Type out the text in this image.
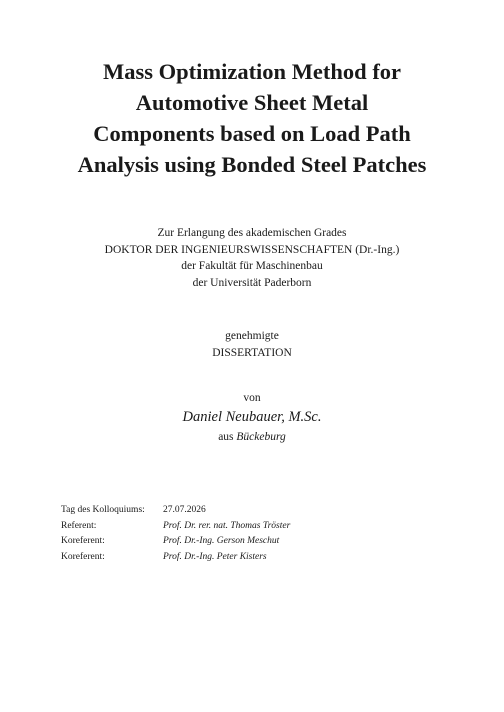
Mass Optimization Method for
Automotive Sheet Metal
Components based on Load Path
Analysis using Bonded Steel Patches
Zur Erlangung des akademischen Grades
DOKTOR DER INGENIEURSWISSENSCHAFTEN (Dr.-Ing.)
der Fakultät für Maschinenbau
der Universität Paderborn
genehmigte
DISSERTATION
von
Daniel Neubauer, M.Sc.
aus Bückeburg
Tag des Kolloquiums:	27.07.2026
Referent:	Prof. Dr. rer. nat. Thomas Tröster
Koreferent:	Prof. Dr.-Ing. Gerson Meschut
Koreferent:	Prof. Dr.-Ing. Peter Kisters
